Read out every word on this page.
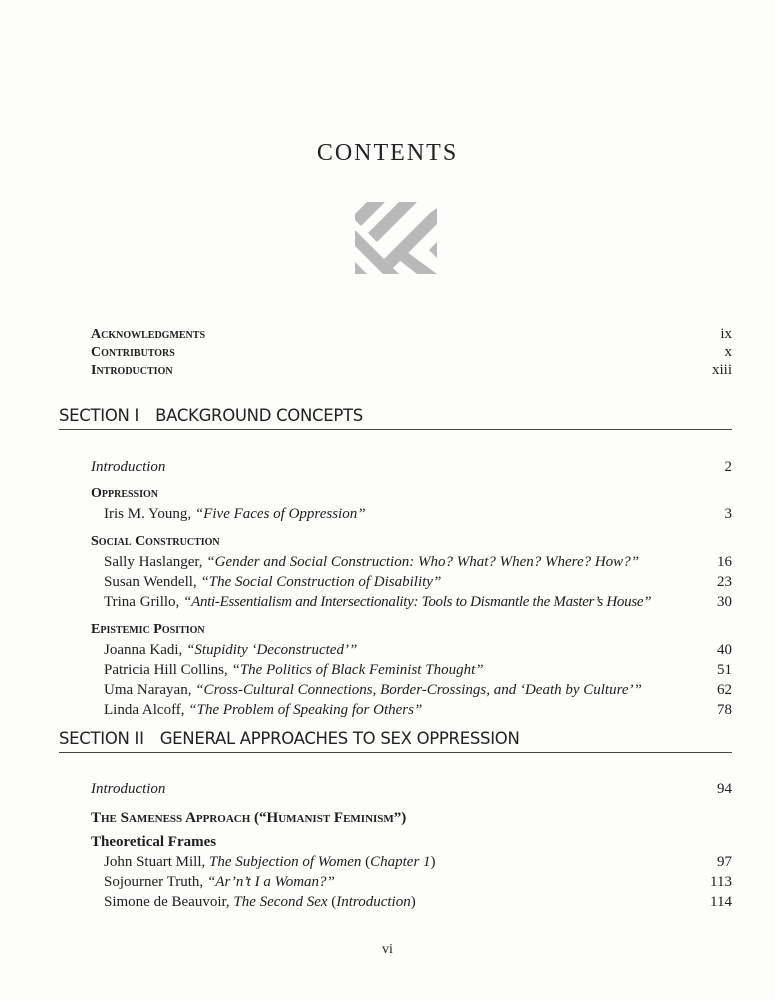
CONTENTS
Acknowledgments	ix
Contributors	x
Introduction	xiii
SECTION I BACKGROUND CONCEPTS
Introduction	2
Oppression
Iris M. Young, “Five Faces of Oppression”	3
Social Construction
Sally Haslanger, “Gender and Social Construction: Who? What? When? Where? How?”	16
Susan Wendell, “The Social Construction of Disability”	23
Trina Grillo, “Anti-Essentialism and Intersectionality: Tools to Dismantle the Master’s House”	30
Epistemic Position
Joanna Kadi, “Stupidity ‘Deconstructed’”	40
Patricia Hill Collins, “The Politics of Black Feminist Thought”	51
Uma Narayan, “Cross-Cultural Connections, Border-Crossings, and ‘Death by Culture’”	62
Linda Alcoff, “The Problem of Speaking for Others”	78
SECTION II GENERAL APPROACHES TO SEX OPPRESSION
Introduction	94
The Sameness Approach (“Humanist Feminism”)
Theoretical Frames
John Stuart Mill, The Subjection of Women (Chapter 1)	97
Sojourner Truth, “Ar’n’t I a Woman?”	113
Simone de Beauvoir, The Second Sex (Introduction)	114
vi
